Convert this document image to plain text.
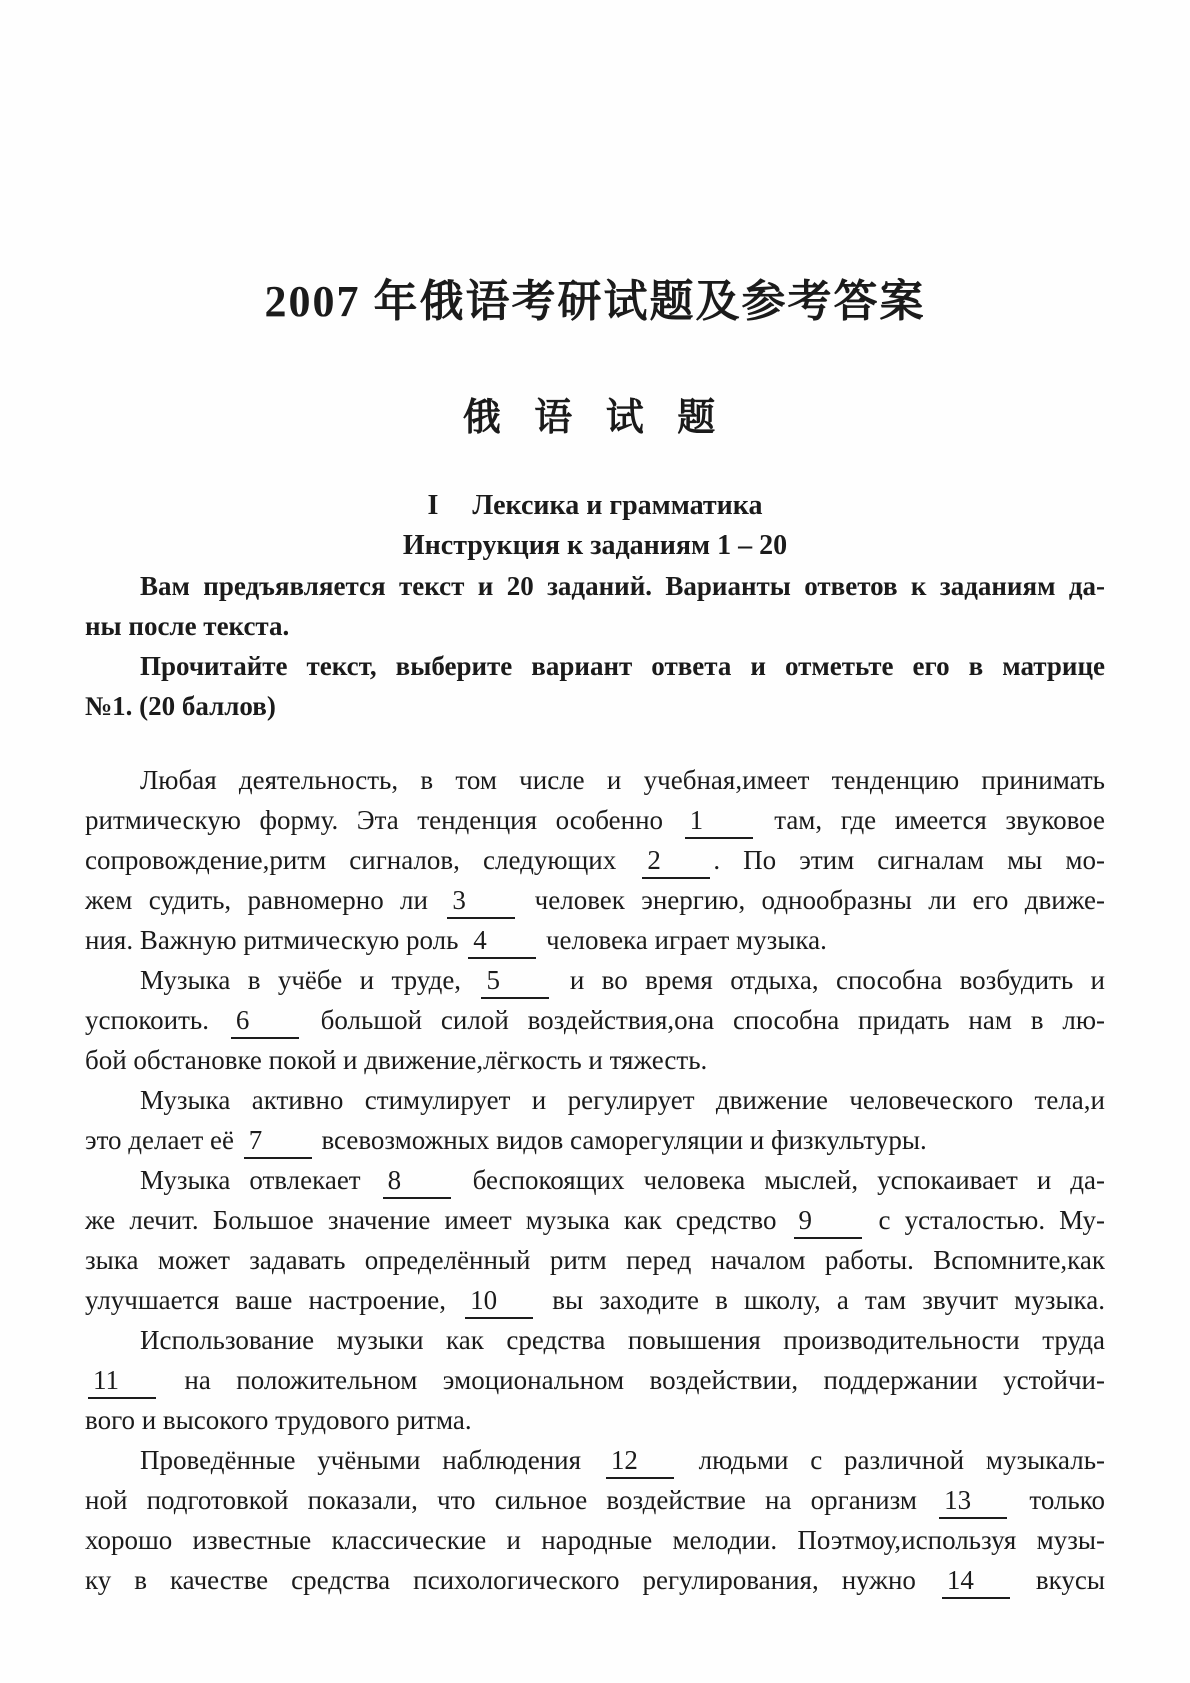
2007 年俄语考研试题及参考答案
俄 语 试 题
I Лексика и грамматика
Инструкция к заданиям 1 – 20
Вам предъявляется текст и 20 заданий. Варианты ответов к заданиям да-
ны после текста.
Прочитайте текст, выберите вариант ответа и отметьте его в матрице
№1. (20 баллов)
Любая деятельность, в том числе и учебная,имеет тенденцию принимать
ритмическую форму. Эта тенденция особенно 1 там, где имеется звуковое
сопровождение,ритм сигналов, следующих 2 . По этим сигналам мы мо-
жем судить, равномерно ли 3 человек энергию, однообразны ли его движе-
ния. Важную ритмическую роль 4 человека играет музыка.
Музыка в учёбе и труде, 5 и во время отдыха, способна возбудить и
успокоить. 6 большой силой воздействия,она способна придать нам в лю-
бой обстановке покой и движение,лёгкость и тяжесть.
Музыка активно стимулирует и регулирует движение человеческого тела,и
это делает её 7 всевозможных видов саморегуляции и физкультуры.
Музыка отвлекает 8 беспокоящих человека мыслей, успокаивает и да-
же лечит. Большое значение имеет музыка как средство 9 с усталостью. Му-
зыка может задавать определённый ритм перед началом работы. Вспомните,как
улучшается ваше настроение, 10 вы заходите в школу, а там звучит музыка.
Использование музыки как средства повышения производительности труда
11 на положительном эмоциональном воздействии, поддержании устойчи-
вого и высокого трудового ритма.
Проведённые учёными наблюдения 12 людьми с различной музыкаль-
ной подготовкой показали, что сильное воздействие на организм 13 только
хорошо известные классические и народные мелодии. Поэтмоу,используя музы-
ку в качестве средства психологического регулирования, нужно 14 вкусы
